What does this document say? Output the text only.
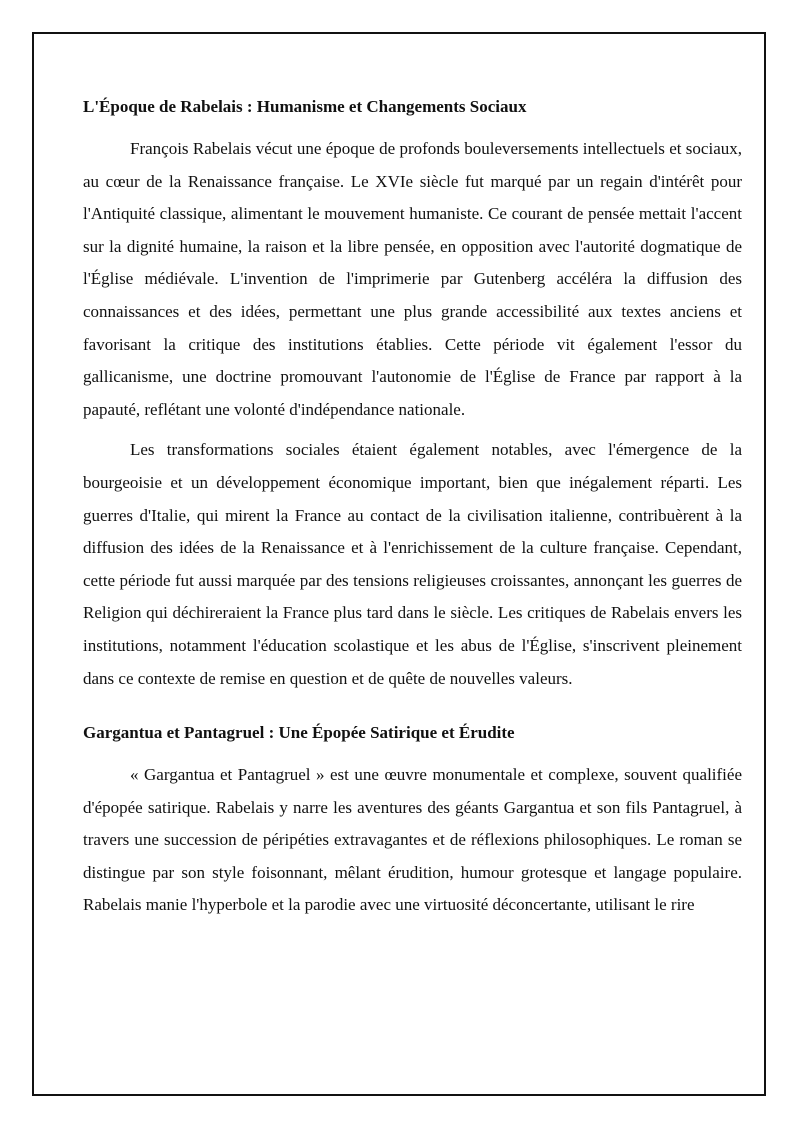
L'Époque de Rabelais : Humanisme et Changements Sociaux

François Rabelais vécut une époque de profonds bouleversements intellectuels et sociaux, au cœur de la Renaissance française. Le XVIe siècle fut marqué par un regain d'intérêt pour l'Antiquité classique, alimentant le mouvement humaniste. Ce courant de pensée mettait l'accent sur la dignité humaine, la raison et la libre pensée, en opposition avec l'autorité dogmatique de l'Église médiévale. L'invention de l'imprimerie par Gutenberg accéléra la diffusion des connaissances et des idées, permettant une plus grande accessibilité aux textes anciens et favorisant la critique des institutions établies. Cette période vit également l'essor du gallicanisme, une doctrine promouvant l'autonomie de l'Église de France par rapport à la papauté, reflétant une volonté d'indépendance nationale.

Les transformations sociales étaient également notables, avec l'émergence de la bourgeoisie et un développement économique important, bien que inégalement réparti. Les guerres d'Italie, qui mirent la France au contact de la civilisation italienne, contribuèrent à la diffusion des idées de la Renaissance et à l'enrichissement de la culture française. Cependant, cette période fut aussi marquée par des tensions religieuses croissantes, annonçant les guerres de Religion qui déchireraient la France plus tard dans le siècle. Les critiques de Rabelais envers les institutions, notamment l'éducation scolastique et les abus de l'Église, s'inscrivent pleinement dans ce contexte de remise en question et de quête de nouvelles valeurs.

Gargantua et Pantagruel : Une Épopée Satirique et Érudite

« Gargantua et Pantagruel » est une œuvre monumentale et complexe, souvent qualifiée d'épopée satirique. Rabelais y narre les aventures des géants Gargantua et son fils Pantagruel, à travers une succession de péripéties extravagantes et de réflexions philosophiques. Le roman se distingue par son style foisonnant, mêlant érudition, humour grotesque et langage populaire. Rabelais manie l'hyperbole et la parodie avec une virtuosité déconcertante, utilisant le rire
